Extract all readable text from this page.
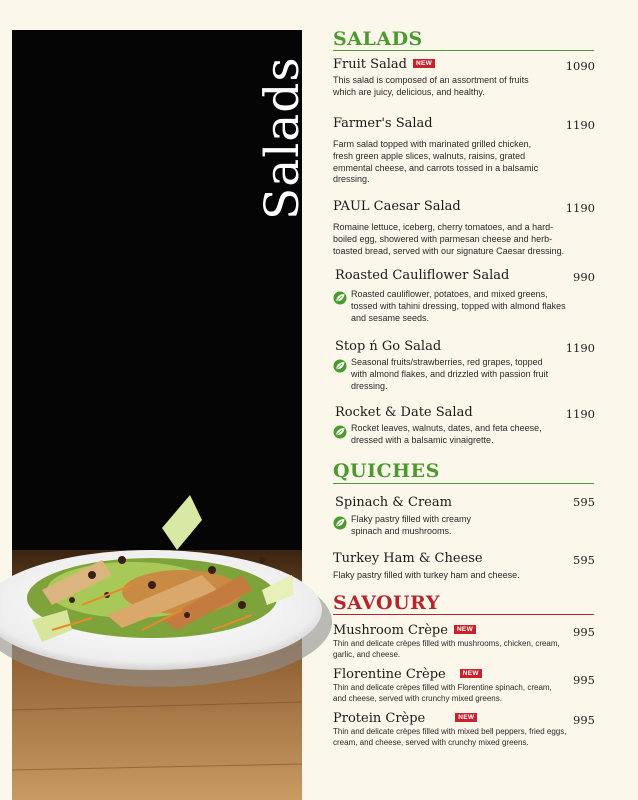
Salads
SALADS
Fruit Salad NEW	1090
This salad is composed of an assortment of fruits which are juicy, delicious, and healthy.
Farmer's Salad	1190
Farm salad topped with marinated grilled chicken, fresh green apple slices, walnuts, raisins, grated emmental cheese, and carrots tossed in a balsamic dressing.
PAUL Caesar Salad	1190
Romaine lettuce, iceberg, cherry tomatoes, and a hard-boiled egg, showered with parmesan cheese and herb-toasted bread, served with our signature Caesar dressing.
Roasted Cauliflower Salad	990
Roasted cauliflower, potatoes, and mixed greens, tossed with tahini dressing, topped with almond flakes and sesame seeds.
Stop ń Go Salad	1190
Seasonal fruits/strawberries, red grapes, topped with almond flakes, and drizzled with passion fruit dressing.
Rocket & Date Salad	1190
Rocket leaves, walnuts, dates, and feta cheese, dressed with a balsamic vinaigrette.
QUICHES
Spinach & Cream	595
Flaky pastry filled with creamy spinach and mushrooms.
Turkey Ham & Cheese	595
Flaky pastry filled with turkey ham and cheese.
SAVOURY
Mushroom Crèpe NEW	995
Thin and delicate crèpes filled with mushrooms, chicken, cream, garlic, and cheese.
Florentine Crèpe	NEW	995
Thin and delicate crèpes filled with Florentine spinach, cream, and cheese, served with crunchy mixed greens.
Protein Crèpe	NEW	995
Thin and delicate crèpes filled with mixed bell peppers, fried eggs, cream, and cheese, served with crunchy mixed greens.
